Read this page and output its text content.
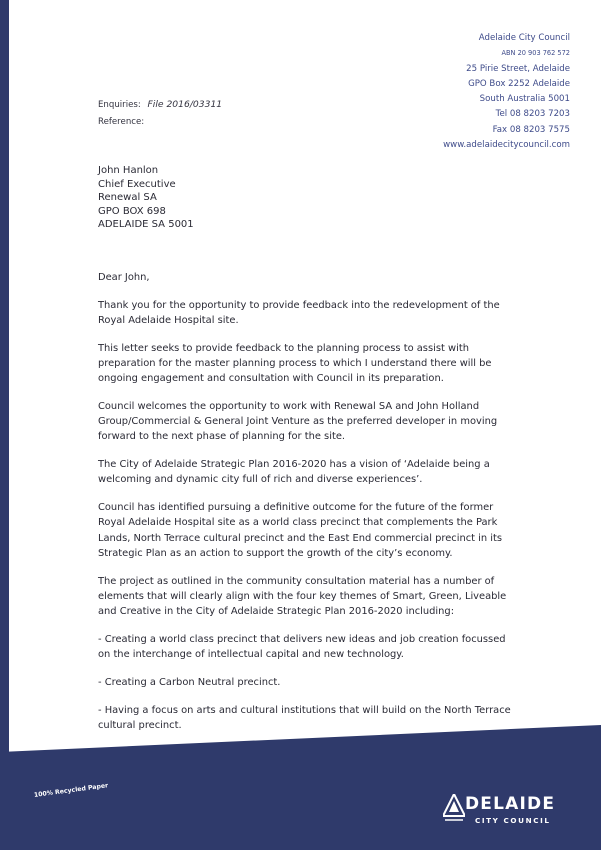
Adelaide City Council
ABN 20 903 762 572
25 Pirie Street, Adelaide
GPO Box 2252 Adelaide
South Australia 5001
Tel 08 8203 7203
Fax 08 8203 7575
www.adelaidecitycouncil.com
Enquiries: File 2016/03311
Reference:
John Hanlon
Chief Executive
Renewal SA
GPO BOX 698
ADELAIDE SA 5001

Dear John,

Thank you for the opportunity to provide feedback into the redevelopment of the
Royal Adelaide Hospital site.

This letter seeks to provide feedback to the planning process to assist with
preparation for the master planning process to which I understand there will be
ongoing engagement and consultation with Council in its preparation.

Council welcomes the opportunity to work with Renewal SA and John Holland
Group/Commercial & General Joint Venture as the preferred developer in moving
forward to the next phase of planning for the site.

The City of Adelaide Strategic Plan 2016-2020 has a vision of ‘Adelaide being a
welcoming and dynamic city full of rich and diverse experiences’.

Council has identified pursuing a definitive outcome for the future of the former
Royal Adelaide Hospital site as a world class precinct that complements the Park
Lands, North Terrace cultural precinct and the East End commercial precinct in its
Strategic Plan as an action to support the growth of the city’s economy.

The project as outlined in the community consultation material has a number of
elements that will clearly align with the four key themes of Smart, Green, Liveable
and Creative in the City of Adelaide Strategic Plan 2016-2020 including:

- Creating a world class precinct that delivers new ideas and job creation focussed
on the interchange of intellectual capital and new technology.

- Creating a Carbon Neutral precinct.

- Having a focus on arts and cultural institutions that will build on the North Terrace
cultural precinct.

100% Recycled Paper
DELAIDE
CITY COUNCIL
